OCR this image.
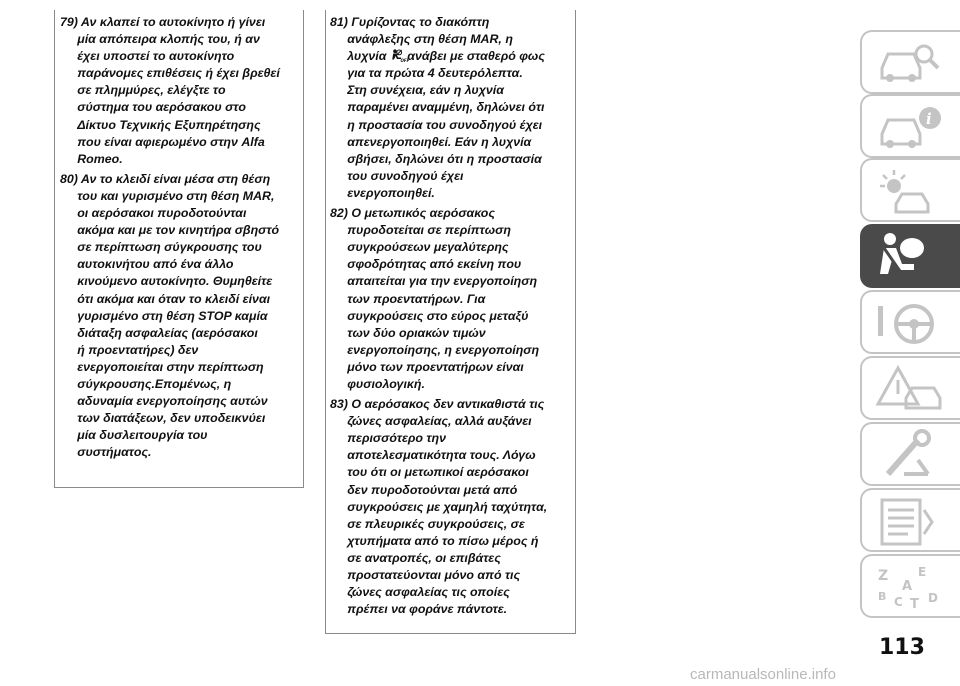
79) Αν κλαπεί το αυτοκίνητο ή γίνει
μία απόπειρα κλοπής του, ή αν
έχει υποστεί το αυτοκίνητο
παράνομες επιθέσεις ή έχει βρεθεί
σε πλημμύρες, ελέγξτε το
σύστημα του αερόσακου στο
Δίκτυο Τεχνικής Εξυπηρέτησης
που είναι αφιερωμένο στην Alfa
Romeo.

80) Αν το κλειδί είναι μέσα στη θέση
του και γυρισμένο στη θέση MAR,
οι αερόσακοι πυροδοτούνται
ακόμα και με τον κινητήρα σβηστό
σε περίπτωση σύγκρουσης του
αυτοκινήτου από ένα άλλο
κινούμενο αυτοκίνητο. Θυμηθείτε
ότι ακόμα και όταν το κλειδί είναι
γυρισμένο στη θέση STOP καμία
διάταξη ασφαλείας (αερόσακοι
ή προεντατήρες) δεν
ενεργοποιείται στην περίπτωση
σύγκρουσης.Επομένως, η
αδυναμία ενεργοποίησης αυτών
των διατάξεων, δεν υποδεικνύει
μία δυσλειτουργία του
συστήματος.

81) Γυρίζοντας το διακόπτη
ανάφλεξης στη θέση MAR, η
λυχνία	OFF
ανάβει με σταθερό φως
για τα πρώτα 4 δευτερόλεπτα.
Στη συνέχεια, εάν η λυχνία
παραμένει αναμμένη, δηλώνει ότι
η προστασία του συνοδηγού έχει
απενεργοποιηθεί. Εάν η λυχνία
σβήσει, δηλώνει ότι η προστασία
του συνοδηγού έχει
ενεργοποιηθεί.

82) Ο μετωπικός αερόσακος
πυροδοτείται σε περίπτωση
συγκρούσεων μεγαλύτερης
σφοδρότητας από εκείνη που
απαιτείται για την ενεργοποίηση
των προεντατήρων. Για
συγκρούσεις στο εύρος μεταξύ
των δύο οριακών τιμών
ενεργοποίησης, η ενεργοποίηση
μόνο των προεντατήρων είναι
φυσιολογική.

83) Ο αερόσακος δεν αντικαθιστά τις
ζώνες ασφαλείας, αλλά αυξάνει
περισσότερο την
αποτελεσματικότητα τους. Λόγω
του ότι οι μετωπικοί αερόσακοι
δεν πυροδοτούνται μετά από
συγκρούσεις με χαμηλή ταχύτητα,
σε πλευρικές συγκρούσεις, σε
χτυπήματα από το πίσω μέρος ή
σε ανατροπές, οι επιβάτες
προστατεύονται μόνο από τις
ζώνες ασφαλείας τις οποίες
πρέπει να φοράνε πάντοτε.

i
Z E
A
B C T D
113
carmanualsonline.info
